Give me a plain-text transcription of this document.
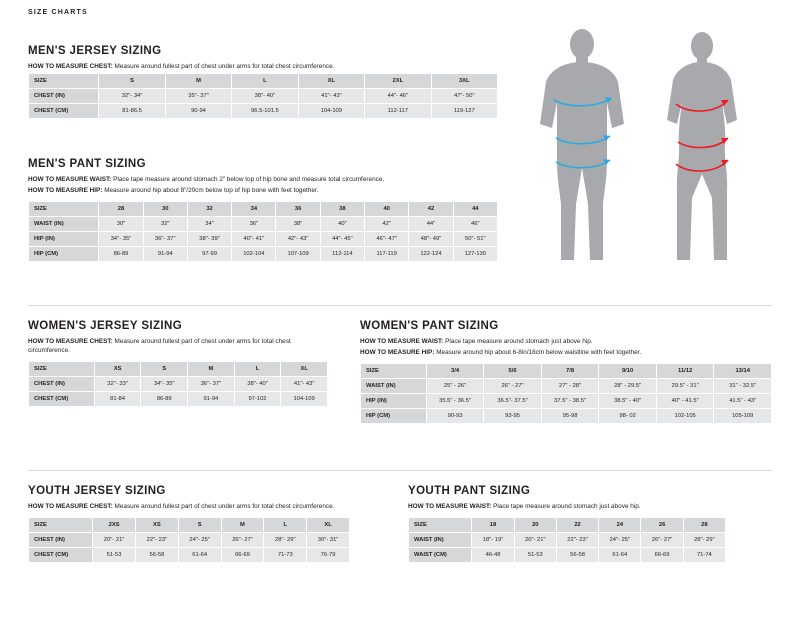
SIZE CHARTS
MEN'S JERSEY SIZING

HOW TO MEASURE CHEST: Measure around fullest part of chest under arms for total chest circumference.

SIZE	S	M	L	XL	2XL	3XL
CHEST (IN)	32"- 34"	35"- 37"	38"- 40"	41"- 43"	44"- 46"	47"- 50"
CHEST (CM)	81-86.5	90-94	96.5-101.5	104-109	112-117	119-127
MEN'S PANT SIZING

HOW TO MEASURE WAIST: Place tape measure around stomach 2” below top of hip bone and measure total circumference.

HOW TO MEASURE HIP: Measure around hip about 8”/20cm below top of hip bone with feet together.

SIZE	28	30	32	34	36	38	40	42	44
WAIST (IN)	30"	32"	34"	36"	38"	40"	42"	44"	46"
HIP (IN)	34"- 35"	36"- 37"	38"- 39"	40"- 41"	42"- 43"	44"- 45"	46"- 47"	48"- 49"	50"- 51"
HIP (CM)	86-89	91-94	97-99	102-104	107-109	112-114	117-119	122-124	127-130
WOMEN'S JERSEY SIZING

HOW TO MEASURE CHEST: Measure around fullest part of chest under arms for total chest circumference.

SIZE	XS	S	M	L	XL
CHEST (IN)	32"- 33"	34"- 35"	36"- 37"	38"- 40"	41"- 43"
CHEST (CM)	81-84	86-89	91-94	97-102	104-109
WOMEN'S PANT SIZING

HOW TO MEASURE WAIST: Place tape measure around stomach just above hip.

HOW TO MEASURE HIP: Measure around hip about 6-8in/18cm below waistline with feet together.

SIZE	3/4	5/6	7/8	9/10	11/12	13/14
WAIST (IN)	25" - 26"	26" - 27"	27" - 28"	28" - 29.5"	29.5" - 31"	31" - 32.5"
HIP (IN)	35.5" - 36.5"	36.5"- 37.5"	37.5" - 38.5"	38.5" - 40"	40" - 41.5"	41.5" - 43"
HIP (CM)	90-93	93-95	95-98	98- 02	102-105	105-109
YOUTH JERSEY SIZING

HOW TO MEASURE CHEST: Measure around fullest part of chest under arms for total chest circumference.

SIZE	2XS	XS	S	M	L	XL
CHEST (IN)	20"- 21"	22"- 23"	24"- 25"	26"- 27"	28"- 29"	30"- 31"
CHEST (CM)	51-53	56-58	61-64	66-69	71-73	76-79
YOUTH PANT SIZING

HOW TO MEASURE WAIST: Place tape measure around stomach just above hip.

SIZE	18	20	22	24	26	28
WAIST (IN)	18"- 19"	20"- 21"	22"- 23"	24"- 25"	26"- 27"	28"- 29"
WAIST (CM)	46-48	51-53	56-58	61-64	66-69	71-74
